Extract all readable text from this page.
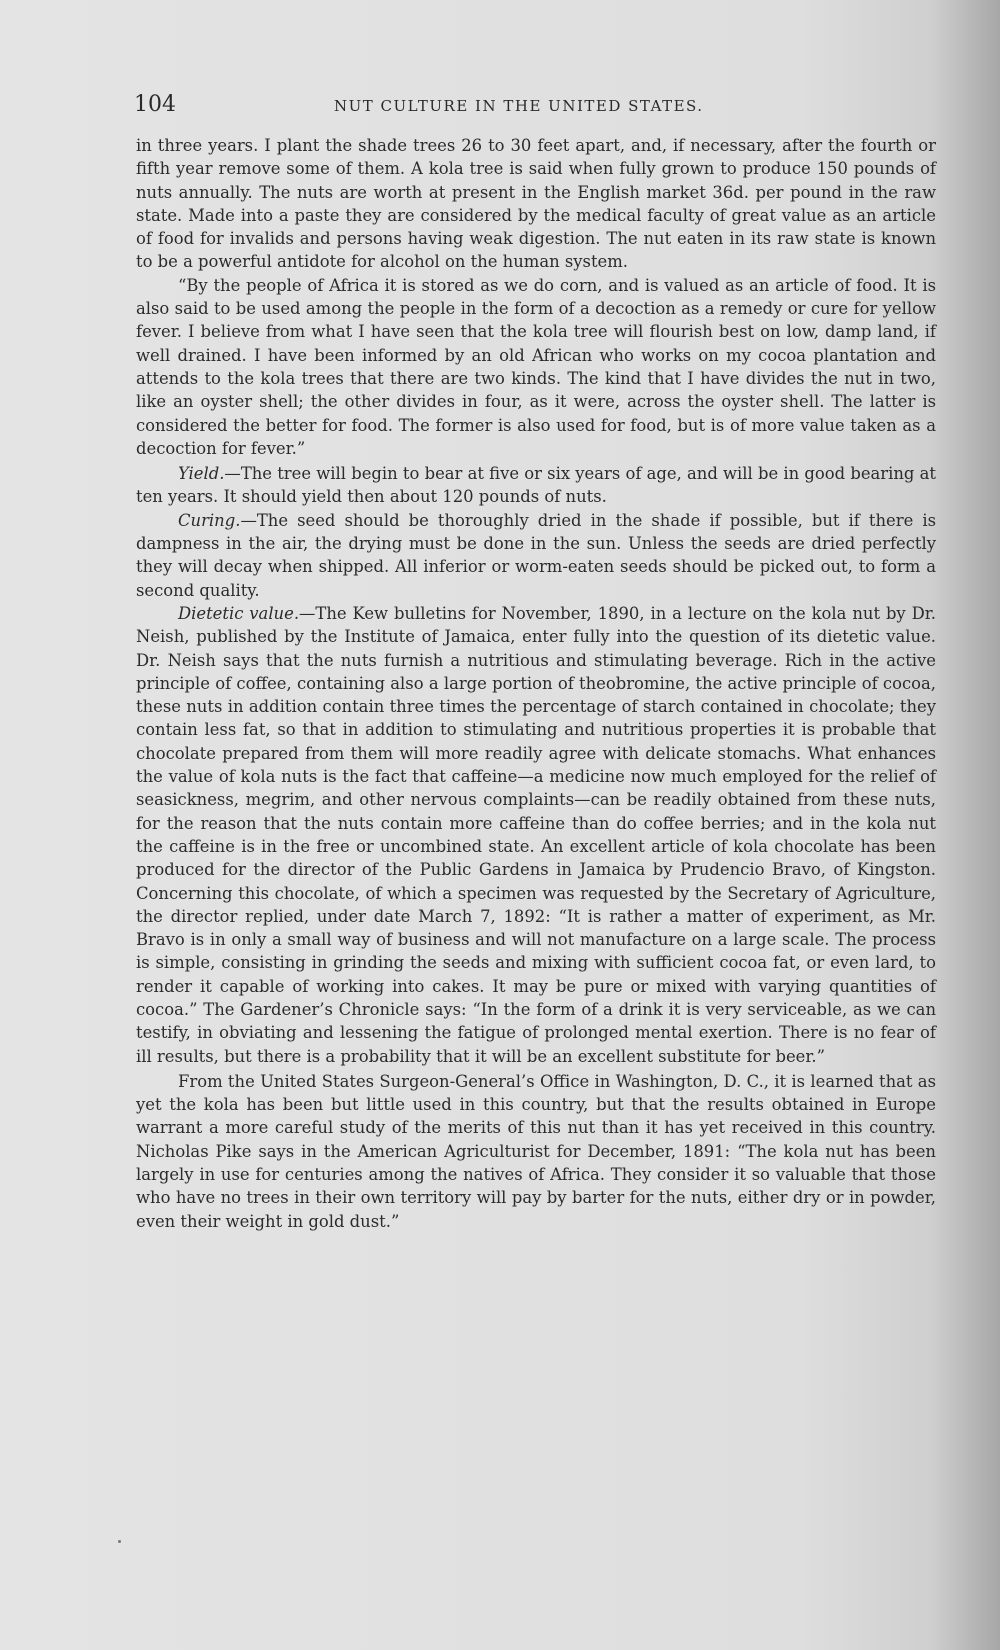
104	NUT CULTURE IN THE UNITED STATES.

in three years. I plant the shade trees 26 to 30 feet apart, and, if necessary, after the fourth or fifth year remove some of them. A kola tree is said when fully grown to produce 150 pounds of nuts annually. The nuts are worth at present in the English market 36d. per pound in the raw state. Made into a paste they are considered by the medical faculty of great value as an article of food for invalids and persons having weak digestion. The nut eaten in its raw state is known to be a powerful antidote for alcohol on the human system.

“By the people of Africa it is stored as we do corn, and is valued as an article of food. It is also said to be used among the people in the form of a decoction as a remedy or cure for yellow fever. I believe from what I have seen that the kola tree will flourish best on low, damp land, if well drained. I have been informed by an old African who works on my cocoa plantation and attends to the kola trees that there are two kinds. The kind that I have divides the nut in two, like an oyster shell; the other divides in four, as it were, across the oyster shell. The latter is considered the better for food. The former is also used for food, but is of more value taken as a decoction for fever.”

Yield.—The tree will begin to bear at five or six years of age, and will be in good bearing at ten years. It should yield then about 120 pounds of nuts.

Curing.—The seed should be thoroughly dried in the shade if possible, but if there is dampness in the air, the drying must be done in the sun. Unless the seeds are dried perfectly they will decay when shipped. All inferior or worm-eaten seeds should be picked out, to form a second quality.

Dietetic value.—The Kew bulletins for November, 1890, in a lecture on the kola nut by Dr. Neish, published by the Institute of Jamaica, enter fully into the question of its dietetic value. Dr. Neish says that the nuts furnish a nutritious and stimulating beverage. Rich in the active principle of coffee, containing also a large portion of theobromine, the active principle of cocoa, these nuts in addition contain three times the percentage of starch contained in chocolate; they contain less fat, so that in addition to stimulating and nutritious properties it is probable that chocolate prepared from them will more readily agree with delicate stomachs. What enhances the value of kola nuts is the fact that caffeine—a medicine now much employed for the relief of seasickness, megrim, and other nervous complaints—can be readily obtained from these nuts, for the reason that the nuts contain more caffeine than do coffee berries; and in the kola nut the caffeine is in the free or uncombined state. An excellent article of kola chocolate has been produced for the director of the Public Gardens in Jamaica by Prudencio Bravo, of Kingston. Concerning this chocolate, of which a specimen was requested by the Secretary of Agriculture, the director replied, under date March 7, 1892: “It is rather a matter of experiment, as Mr. Bravo is in only a small way of business and will not manufacture on a large scale. The process is simple, consisting in grinding the seeds and mixing with sufficient cocoa fat, or even lard, to render it capable of working into cakes. It may be pure or mixed with varying quantities of cocoa.” The Gardener’s Chronicle says: “In the form of a drink it is very serviceable, as we can testify, in obviating and lessening the fatigue of prolonged mental exertion. There is no fear of ill results, but there is a probability that it will be an excellent substitute for beer.”

From the United States Surgeon-General’s Office in Washington, D. C., it is learned that as yet the kola has been but little used in this country, but that the results obtained in Europe warrant a more careful study of the merits of this nut than it has yet received in this country. Nicholas Pike says in the American Agriculturist for December, 1891: “The kola nut has been largely in use for centuries among the natives of Africa. They consider it so valuable that those who have no trees in their own territory will pay by barter for the nuts, either dry or in powder, even their weight in gold dust.”
